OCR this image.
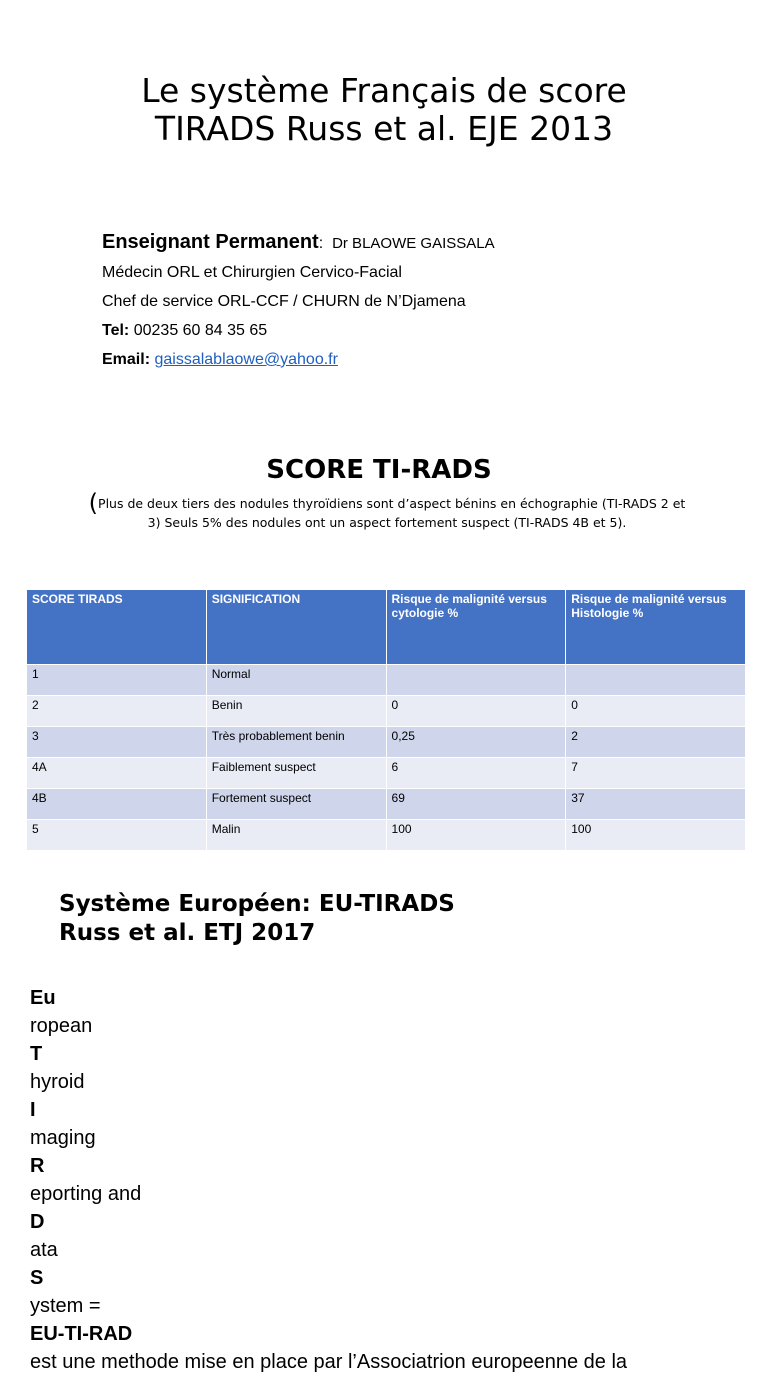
Le système Français de score
TIRADS Russ et al. EJE 2013
Enseignant Permanent: Dr BLAOWE GAISSALA
Médecin ORL et Chirurgien Cervico-Facial
Chef de service ORL-CCF / CHURN de N’Djamena
Tel: 00235 60 84 35 65
Email: gaissalablaowe@yahoo.fr
SCORE TI-RADS
(Plus de deux tiers des nodules thyroïdiens sont d’aspect bénins en échographie (TI-RADS 2 et
3) Seuls 5% des nodules ont un aspect fortement suspect (TI-RADS 4B et 5).
SCORE TIRADS	SIGNIFICATION	Risque de malignité versus cytologie %	Risque de malignité versus Histologie %
1	Normal		
2	Benin	0	0
3	Très probablement benin	0,25	2
4A	Faiblement suspect	6	7
4B	Fortement suspect	69	37
5	Malin	100	100
Système Européen: EU-TIRADS
Russ et al. ETJ 2017
Eu
ropean
T
hyroid
I
maging
R
eporting and
D
ata
S
ystem =
EU-TI-RAD
est une methode mise en place par l’Associatrion europeenne de la
